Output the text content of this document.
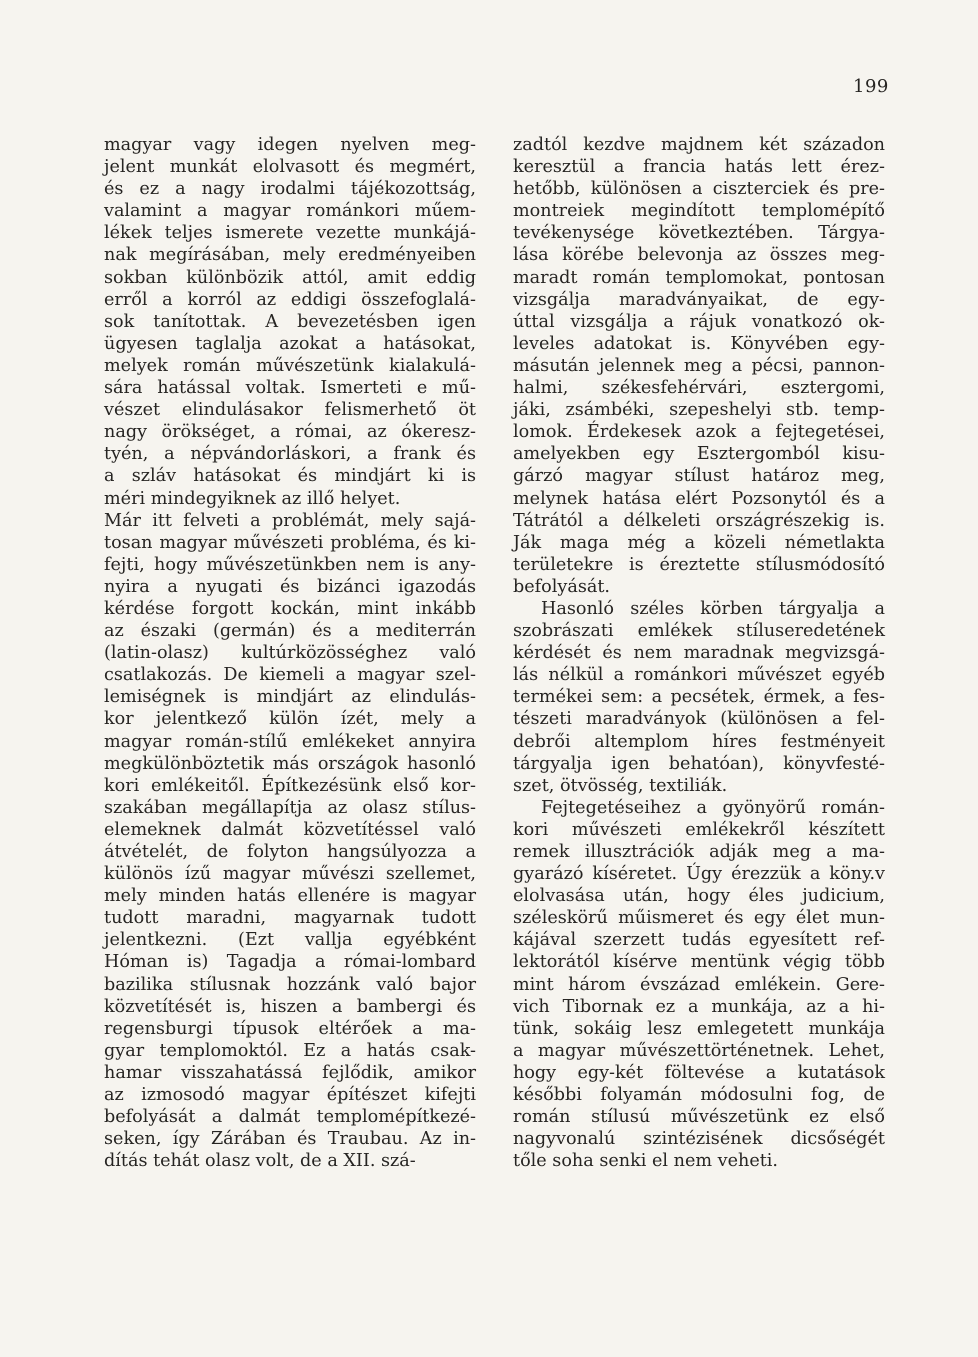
199
magyar vagy idegen nyelven meg-
jelent munkát elolvasott és megmért,
és ez a nagy irodalmi tájékozottság,
valamint a magyar románkori műem-
lékek teljes ismerete vezette munkájá-
nak megírásában, mely eredményeiben
sokban különbözik attól, amit eddig
erről a korról az eddigi összefoglalá-
sok tanítottak. A bevezetésben igen
ügyesen taglalja azokat a hatásokat,
melyek román művészetünk kialakulá-
sára hatással voltak. Ismerteti e mű-
vészet elindulásakor felismerhető öt
nagy örökséget, a római, az ókeresz-
tyén, a népvándorláskori, a frank és
a szláv hatásokat és mindjárt ki is
méri mindegyiknek az illő helyet.
Már itt felveti a problémát, mely sajá-
tosan magyar művészeti probléma, és ki-
fejti, hogy művészetünkben nem is any-
nyira a nyugati és bizánci igazodás
kérdése forgott kockán, mint inkább
az északi (germán) és a mediterrán
(latin-olasz) kultúrközösséghez való
csatlakozás. De kiemeli a magyar szel-
lemiségnek is mindjárt az elindulás-
kor jelentkező külön ízét, mely a
magyar román-stílű emlékeket annyira
megkülönböztetik más országok hasonló
kori emlékeitől. Építkezésünk első kor-
szakában megállapítja az olasz stílus-
elemeknek dalmát közvetítéssel való
átvételét, de folyton hangsúlyozza a
különös ízű magyar művészi szellemet,
mely minden hatás ellenére is magyar
tudott maradni, magyarnak tudott
jelentkezni. (Ezt vallja egyébként
Hóman is) Tagadja a római-lombard
bazilika stílusnak hozzánk való bajor
közvetítését is, hiszen a bambergi és
regensburgi típusok eltérőek a ma-
gyar templomoktól. Ez a hatás csak-
hamar visszahatássá fejlődik, amikor
az izmosodó magyar építészet kifejti
befolyását a dalmát templomépítkezé-
seken, így Zárában és Traubau. Az in-
dítás tehát olasz volt, de a XII. szá-
zadtól kezdve majdnem két századon
keresztül a francia hatás lett érez-
hetőbb, különösen a ciszterciek és pre-
montreiek megindított templomépítő
tevékenysége következtében. Tárgya-
lása körébe belevonja az összes meg-
maradt román templomokat, pontosan
vizsgálja maradványaikat, de egy-
úttal vizsgálja a rájuk vonatkozó ok-
leveles adatokat is. Könyvében egy-
másután jelennek meg a pécsi, pannon-
halmi, székesfehérvári, esztergomi,
jáki, zsámbéki, szepeshelyi stb. temp-
lomok. Érdekesek azok a fejtegetései,
amelyekben egy Esztergomból kisu-
gárzó magyar stílust határoz meg,
melynek hatása elért Pozsonytól és a
Tátrától a délkeleti országrészekig is.
Ják maga még a közeli németlakta
területekre is éreztette stílusmódosító
befolyását.
Hasonló széles körben tárgyalja a
szobrászati emlékek stíluseredetének
kérdését és nem maradnak megvizsgá-
lás nélkül a románkori művészet egyéb
termékei sem: a pecsétek, érmek, a fes-
tészeti maradványok (különösen a fel-
debrői altemplom híres festményeit
tárgyalja igen behatóan), könyvfesté-
szet, ötvösség, textiliák.
Fejtegetéseihez a gyönyörű román-
kori művészeti emlékekről készített
remek illusztrációk adják meg a ma-
gyarázó kíséretet. Úgy érezzük a köny.v
elolvasása után, hogy éles judicium,
széleskörű műismeret és egy élet mun-
kájával szerzett tudás egyesített ref-
lektorától kísérve mentünk végig több
mint három évszázad emlékein. Gere-
vich Tibornak ez a munkája, az a hi-
tünk, sokáig lesz emlegetett munkája
a magyar művészettörténetnek. Lehet,
hogy egy-két föltevése a kutatások
későbbi folyamán módosulni fog, de
román stílusú művészetünk ez első
nagyvonalú szintézisének dicsőségét
tőle soha senki el nem veheti.
